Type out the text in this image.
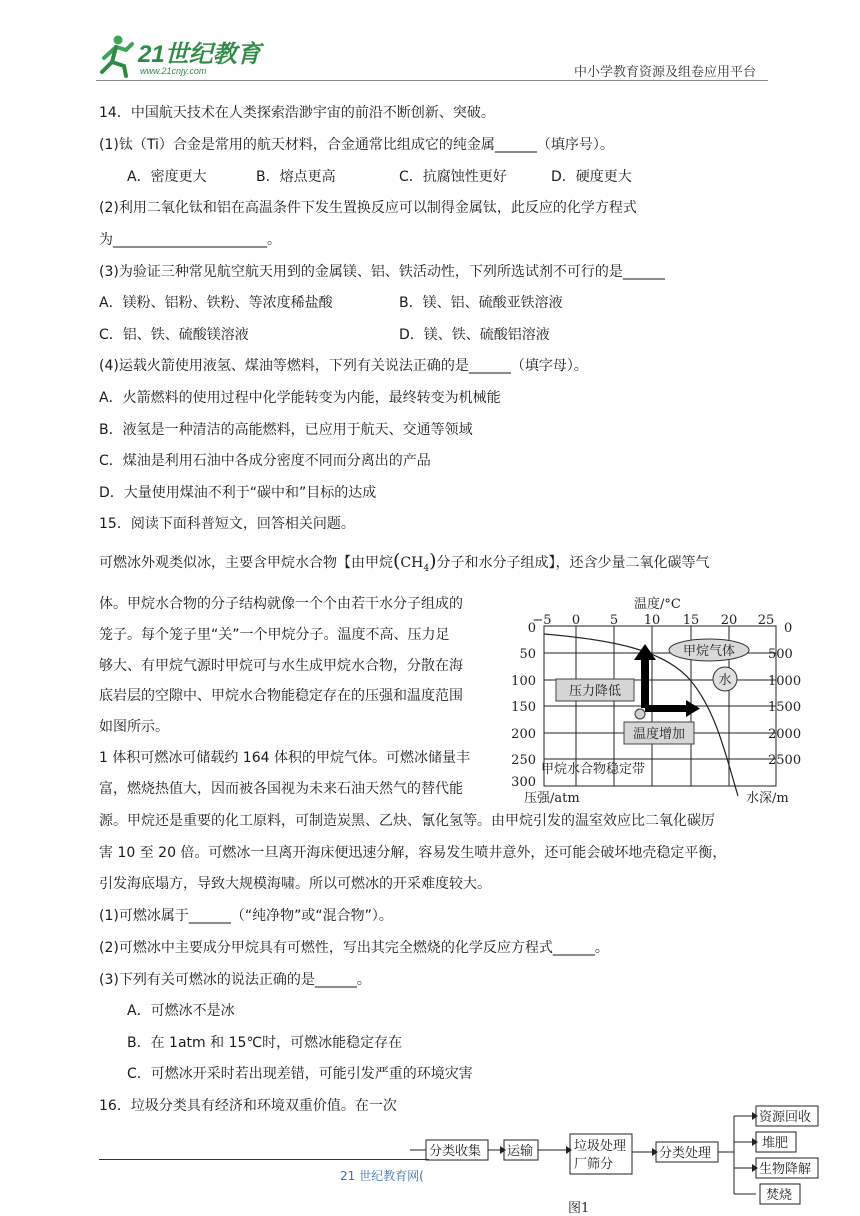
21世纪教育
www.21cnjy.com	中小学教育资源及组卷应用平台
14．中国航天技术在人类探索浩渺宇宙的前沿不断创新、突破。
(1)钛（Ti）合金是常用的航天材料，合金通常比组成它的纯金属______（填序号）。
A．密度更大	B．熔点更高	C．抗腐蚀性更好	D．硬度更大
(2)利用二氧化钛和铝在高温条件下发生置换反应可以制得金属钛，此反应的化学方程式
为______________________。
(3)为验证三种常见航空航天用到的金属镁、铝、铁活动性，下列所选试剂不可行的是______
A．镁粉、铝粉、铁粉、等浓度稀盐酸	B．镁、铝、硫酸亚铁溶液
C．铝、铁、硫酸镁溶液	D．镁、铁、硫酸铝溶液
(4)运载火箭使用液氢、煤油等燃料，下列有关说法正确的是______（填字母）。
A．火箭燃料的使用过程中化学能转变为内能，最终转变为机械能
B．液氢是一种清洁的高能燃料，已应用于航天、交通等领域
C．煤油是利用石油中各成分密度不同而分离出的产品
D．大量使用煤油不利于“碳中和”目标的达成
15．阅读下面科普短文，回答相关问题。
可燃冰外观类似冰，主要含甲烷水合物【由甲烷$(CH_4)$分子和水分子组成】，还含少量二氧化碳等气
体。甲烷水合物的分子结构就像一个个由若干水分子组成的
笼子。每个笼子里“关”一个甲烷分子。温度不高、压力足
够大、有甲烷气源时甲烷可与水生成甲烷水合物，分散在海
底岩层的空隙中、甲烷水合物能稳定存在的压强和温度范围
如图所示。
1 体积可燃冰可储载约 164 体积的甲烷气体。可燃冰储量丰
富，燃烧热值大，因而被各国视为未来石油天然气的替代能
源。甲烷还是重要的化工原料，可制造炭黑、乙炔、氰化氢等。由甲烷引发的温室效应比二氧化碳厉
害 10 至 20 倍。可燃冰一旦离开海床便迅速分解，容易发生喷井意外，还可能会破坏地壳稳定平衡，
引发海底塌方，导致大规模海啸。所以可燃冰的开采难度较大。
(1)可燃冰属于______（“纯净物”或“混合物”）。
(2)可燃冰中主要成分甲烷具有可燃性，写出其完全燃烧的化学反应方程式______。
(3)下列有关可燃冰的说法正确的是______。
A．可燃冰不是冰
B．在 1atm 和 15℃时，可燃冰能稳定存在
C．可燃冰开采时若出现差错，可能引发严重的环境灾害
16．垃圾分类具有经济和环境双重价值。在一次
温度/°C
−5 0 5 10 15 20 25
0
50
100
150
200
250
300
0
500
1000
1500
2000
2500
压强/atm	水深/m
甲烷气体
水
压力降低
温度增加
甲烷水合物稳定带
分类收集 运输	垃圾处理
厂筛分
分类处理
资源回收
堆肥
生物降解
焚烧
图1
21 世纪教育网(
